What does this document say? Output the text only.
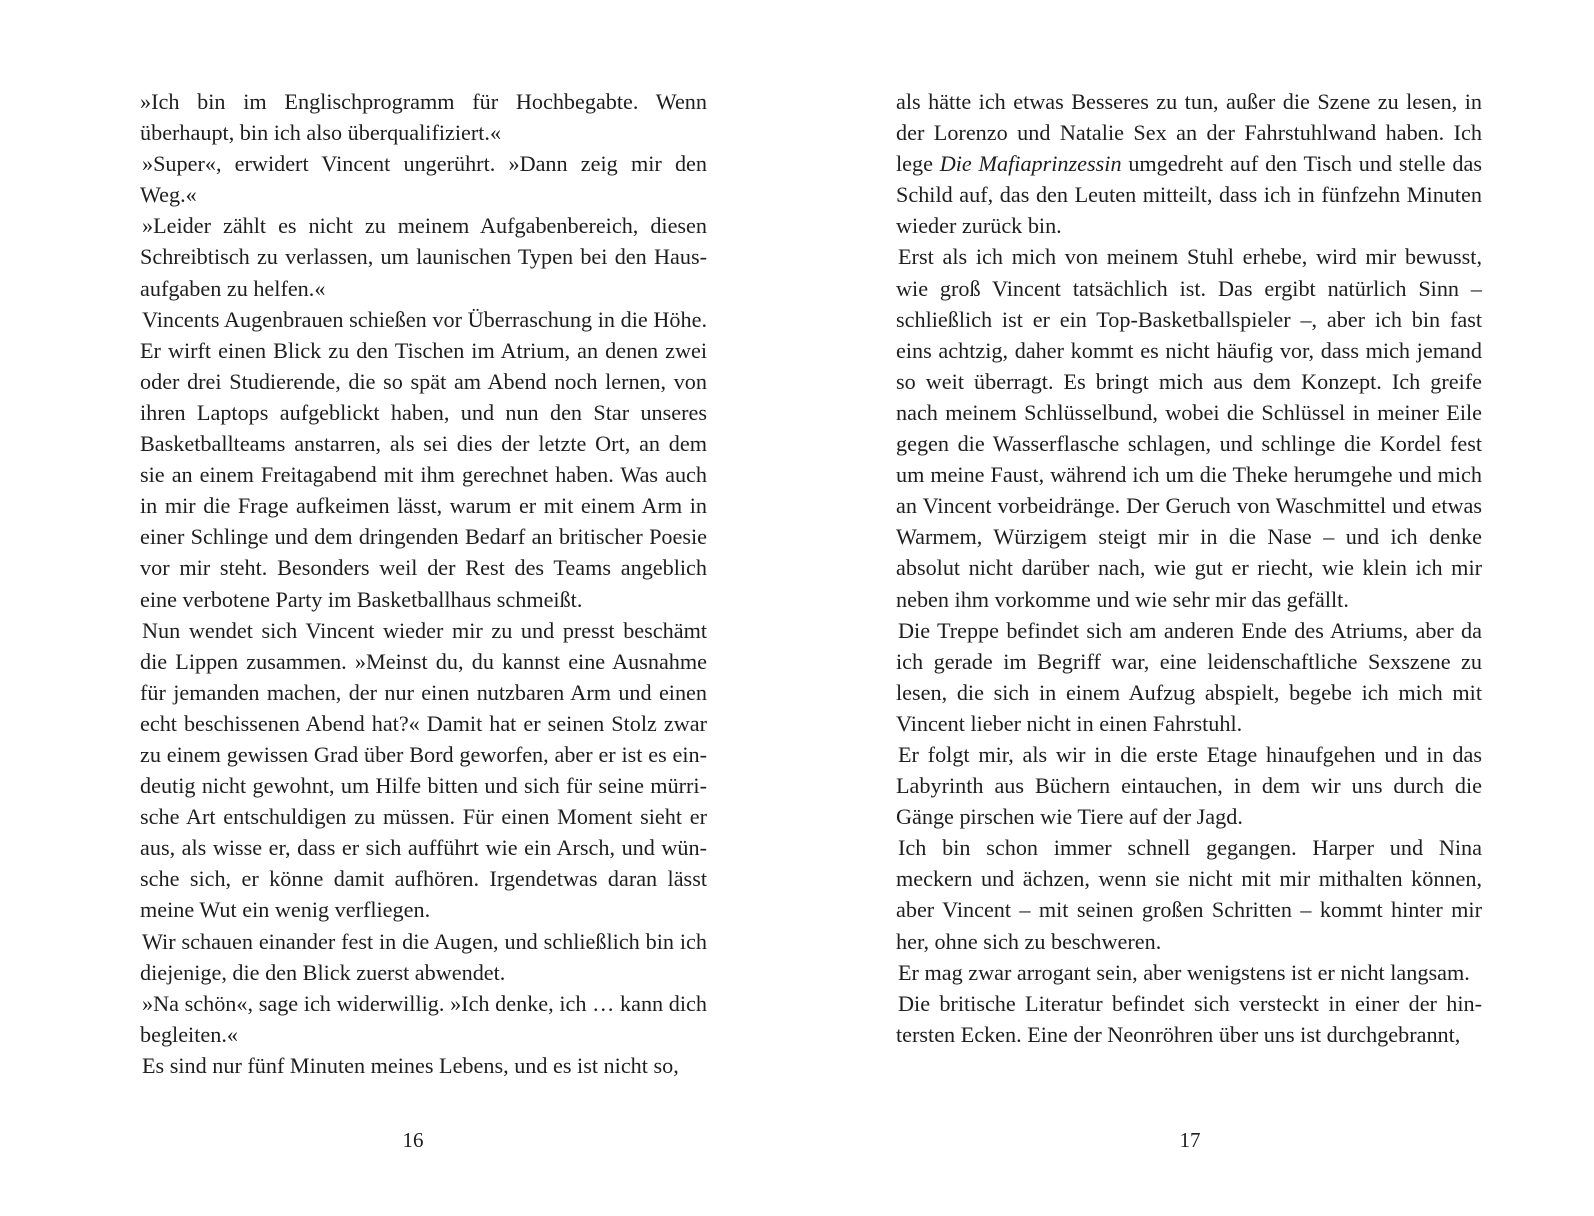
»Ich bin im Englischprogramm für Hochbegabte. Wenn überhaupt, bin ich also überqualifiziert.«

»Super«, erwidert Vincent ungerührt. »Dann zeig mir den Weg.«

»Leider zählt es nicht zu meinem Aufgabenbereich, diesen Schreibtisch zu verlassen, um launischen Typen bei den Hausaufgaben zu helfen.«

Vincents Augenbrauen schießen vor Überraschung in die Höhe. Er wirft einen Blick zu den Tischen im Atrium, an denen zwei oder drei Studierende, die so spät am Abend noch lernen, von ihren Laptops aufgeblickt haben, und nun den Star unseres Basketballteams anstarren, als sei dies der letzte Ort, an dem sie an einem Freitagabend mit ihm gerechnet haben. Was auch in mir die Frage aufkeimen lässt, warum er mit einem Arm in einer Schlinge und dem dringenden Bedarf an britischer Poesie vor mir steht. Besonders weil der Rest des Teams angeblich eine verbotene Party im Basketballhaus schmeißt.

Nun wendet sich Vincent wieder mir zu und presst beschämt die Lippen zusammen. »Meinst du, du kannst eine Ausnahme für jemanden machen, der nur einen nutzbaren Arm und einen echt beschissenen Abend hat?« Damit hat er seinen Stolz zwar zu einem gewissen Grad über Bord geworfen, aber er ist es eindeutig nicht gewohnt, um Hilfe bitten und sich für seine mürrische Art entschuldigen zu müssen. Für einen Moment sieht er aus, als wisse er, dass er sich aufführt wie ein Arsch, und wünsche sich, er könne damit aufhören. Irgendetwas daran lässt meine Wut ein wenig verfliegen.

Wir schauen einander fest in die Augen, und schließlich bin ich diejenige, die den Blick zuerst abwendet.

»Na schön«, sage ich widerwillig. »Ich denke, ich … kann dich begleiten.«

Es sind nur fünf Minuten meines Lebens, und es ist nicht so,

als hätte ich etwas Besseres zu tun, außer die Szene zu lesen, in der Lorenzo und Natalie Sex an der Fahrstuhlwand haben. Ich lege Die Mafiaprinzessin umgedreht auf den Tisch und stelle das Schild auf, das den Leuten mitteilt, dass ich in fünfzehn Minuten wieder zurück bin.

Erst als ich mich von meinem Stuhl erhebe, wird mir bewusst, wie groß Vincent tatsächlich ist. Das ergibt natürlich Sinn – schließlich ist er ein Top-Basketballspieler –, aber ich bin fast eins achtzig, daher kommt es nicht häufig vor, dass mich jemand so weit überragt. Es bringt mich aus dem Konzept. Ich greife nach meinem Schlüsselbund, wobei die Schlüssel in meiner Eile gegen die Wasserflasche schlagen, und schlinge die Kordel fest um meine Faust, während ich um die Theke herumgehe und mich an Vincent vorbeidränge. Der Geruch von Waschmittel und etwas Warmem, Würzigem steigt mir in die Nase – und ich denke absolut nicht darüber nach, wie gut er riecht, wie klein ich mir neben ihm vorkomme und wie sehr mir das gefällt.

Die Treppe befindet sich am anderen Ende des Atriums, aber da ich gerade im Begriff war, eine leidenschaftliche Sexszene zu lesen, die sich in einem Aufzug abspielt, begebe ich mich mit Vincent lieber nicht in einen Fahrstuhl.

Er folgt mir, als wir in die erste Etage hinaufgehen und in das Labyrinth aus Büchern eintauchen, in dem wir uns durch die Gänge pirschen wie Tiere auf der Jagd.

Ich bin schon immer schnell gegangen. Harper und Nina meckern und ächzen, wenn sie nicht mit mir mithalten können, aber Vincent – mit seinen großen Schritten – kommt hinter mir her, ohne sich zu beschweren.

Er mag zwar arrogant sein, aber wenigstens ist er nicht langsam.

Die britische Literatur befindet sich versteckt in einer der hintersten Ecken. Eine der Neonröhren über uns ist durchgebrannt,

16	17
